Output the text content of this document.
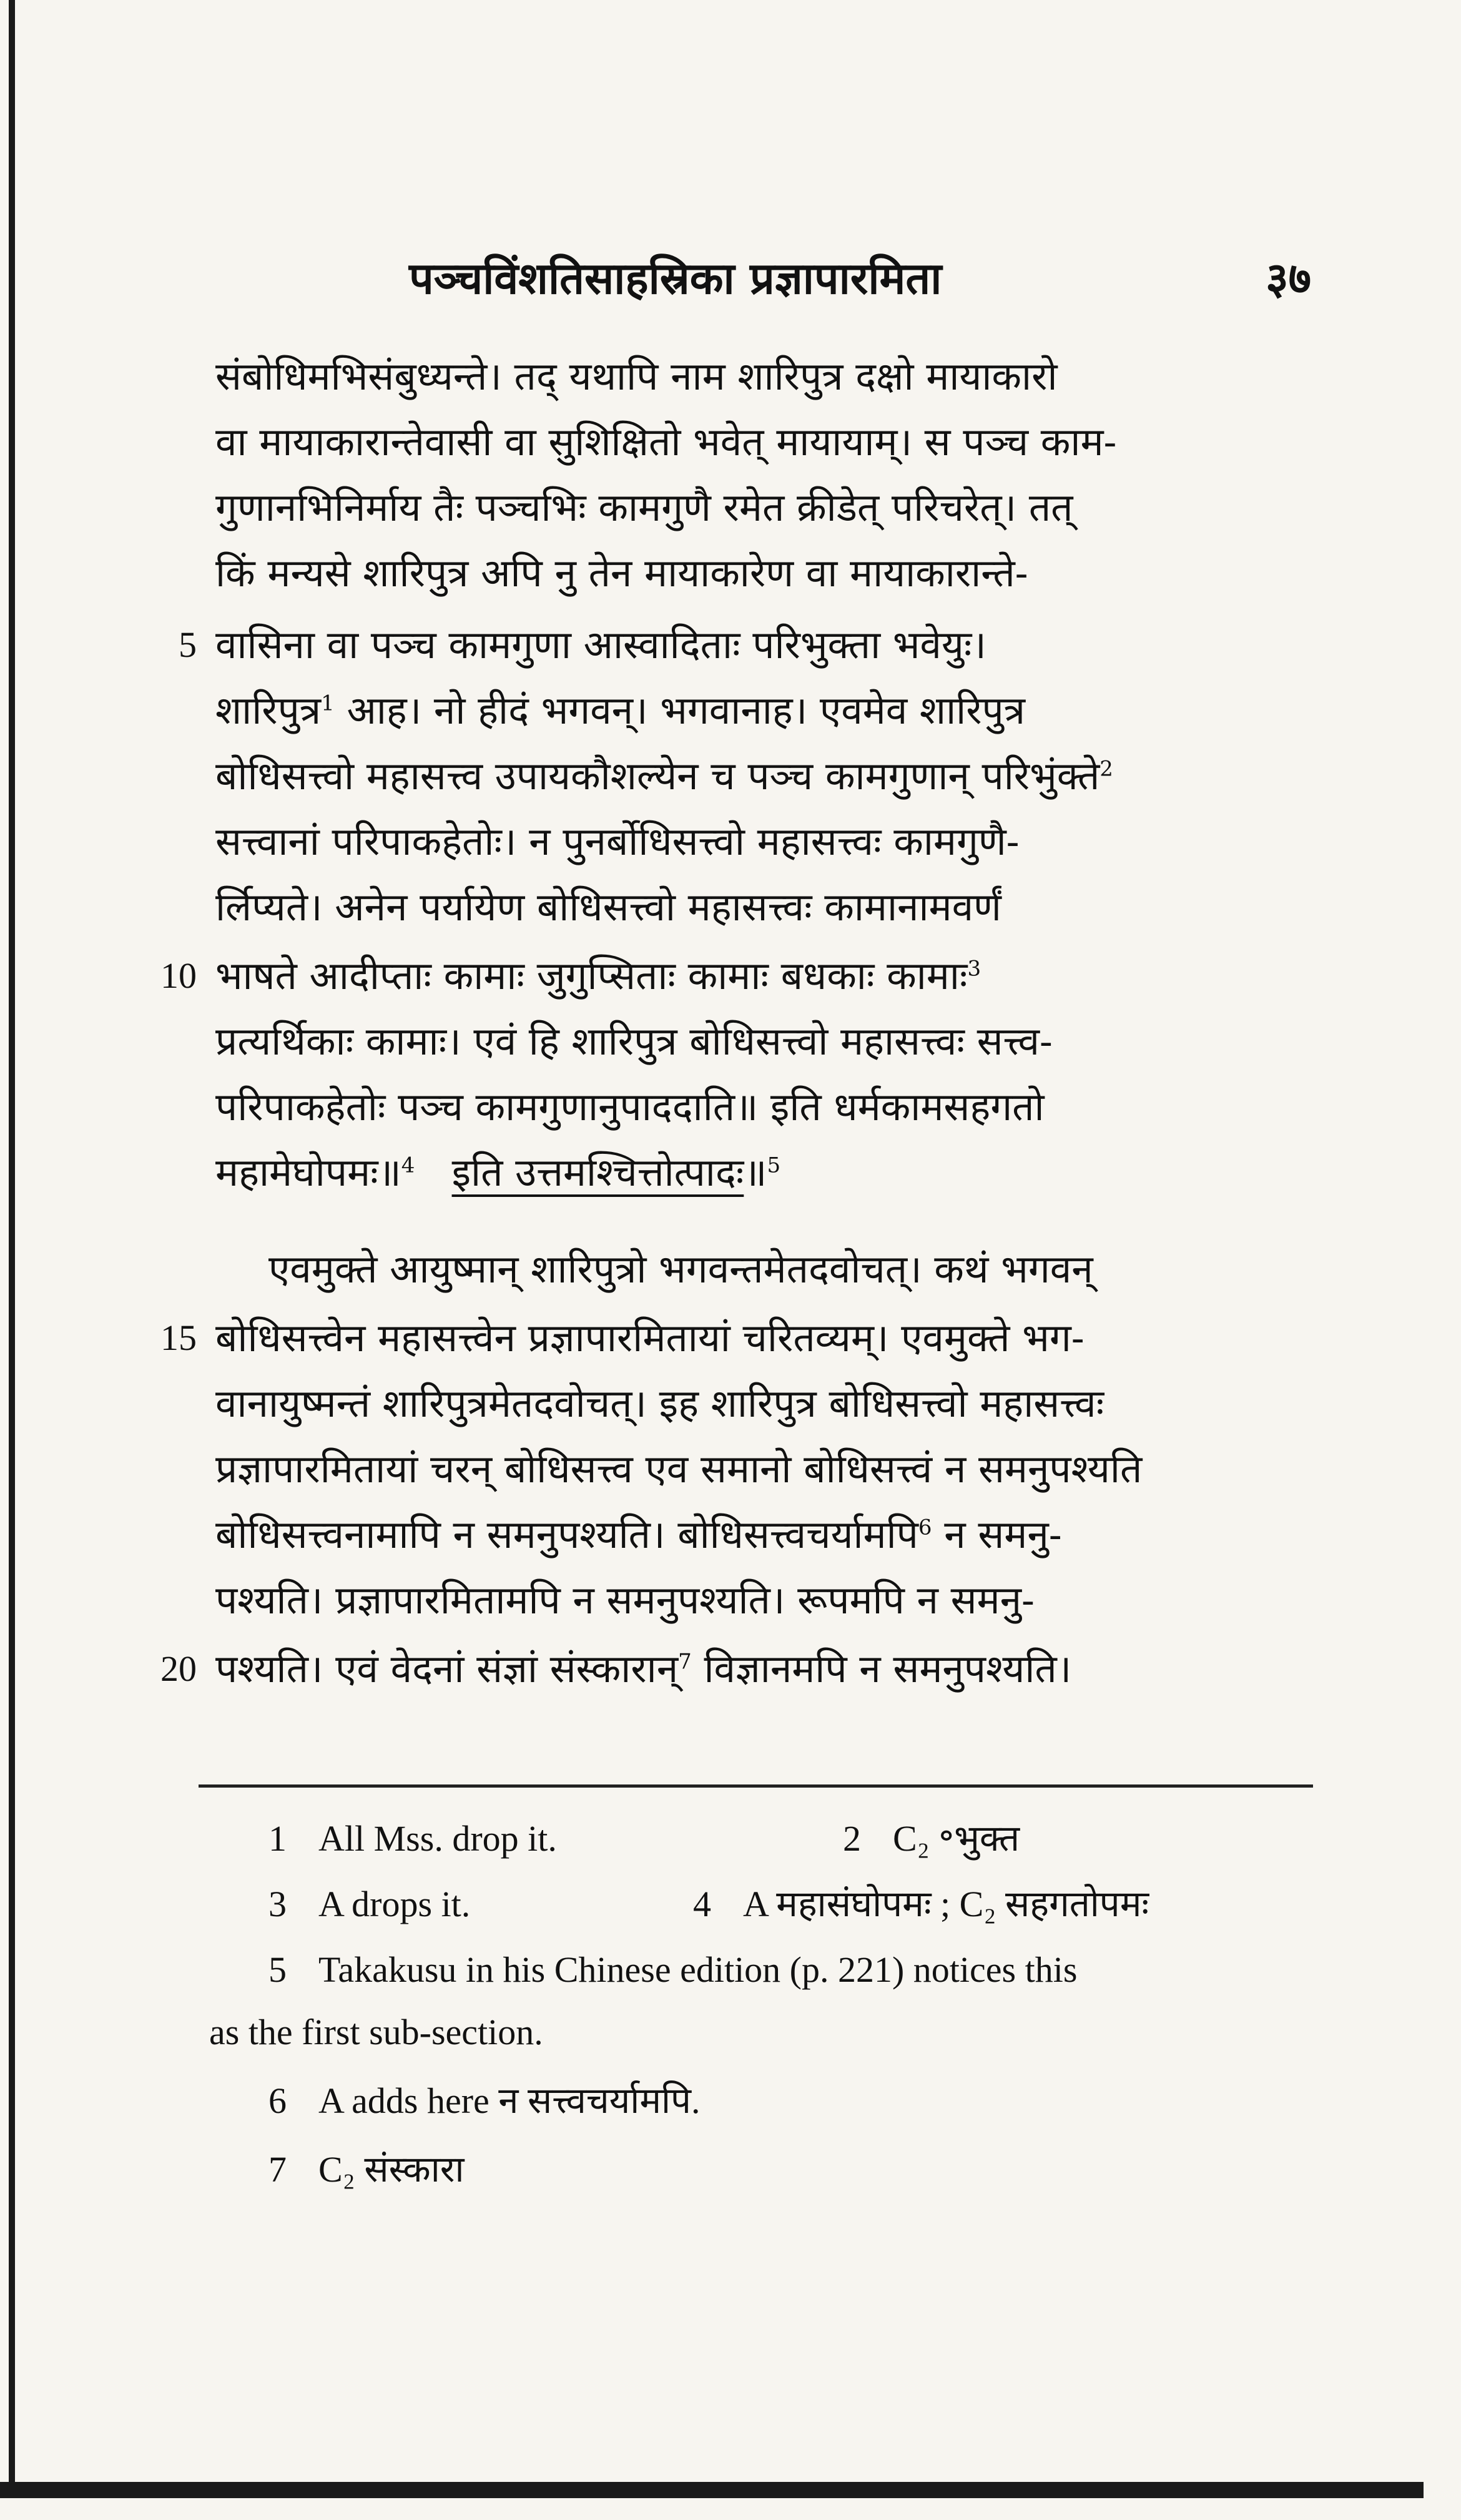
पञ्चविंशतिसाहस्रिका प्रज्ञापारमिता	३७
संबोधिमभिसंबुध्यन्ते। तद्‌ यथापि नाम शारिपुत्र दक्षो मायाकारो
वा मायाकारान्तेवासी वा सुशिक्षितो भवेत्‌ मायायाम्‌। स पञ्च काम-
गुणानभिनिर्माय तैः पञ्चभिः कामगुणै रमेत क्रीडेत्‌ परिचरेत्‌। तत्‌
किं मन्यसे शारिपुत्र अपि नु तेन मायाकारेण वा मायाकारान्ते-
5 वासिना वा पञ्च कामगुणा आस्वादिताः परिभुक्ता भवेयुः।
शारिपुत्र$^1$ आह। नो हीदं भगवन्‌। भगवानाह। एवमेव शारिपुत्र
बोधिसत्त्वो महासत्त्व उपायकौशल्येन च पञ्च कामगुणान्‌ परिभुंक्ते$^2$
सत्त्वानां परिपाकहेतोः। न पुनर्बोधिसत्त्वो महासत्त्वः कामगुणै-
र्लिप्यते। अनेन पर्यायेण बोधिसत्त्वो महासत्त्वः कामानामवर्णं
10 भाषते आदीप्ताः कामाः जुगुप्सिताः कामाः बधकाः कामाः$^3$
प्रत्यर्थिकाः कामाः। एवं हि शारिपुत्र बोधिसत्त्वो महासत्त्वः सत्त्व-
परिपाकहेतोः पञ्च कामगुणानुपाददाति॥ इति धर्मकामसहगतो
महामेघोपमः॥$^4$ इति उत्तमश्चित्तोत्पादः॥$^5$
एवमुक्ते आयुष्मान्‌ शारिपुत्रो भगवन्तमेतदवोचत्‌। कथं भगवन्‌
15 बोधिसत्त्वेन महासत्त्वेन प्रज्ञापारमितायां चरितव्यम्‌। एवमुक्ते भग-
वानायुष्मन्तं शारिपुत्रमेतदवोचत्‌। इह शारिपुत्र बोधिसत्त्वो महासत्त्वः
प्रज्ञापारमितायां चरन्‌ बोधिसत्त्व एव समानो बोधिसत्त्वं न समनुपश्यति
बोधिसत्त्वनामापि न समनुपश्यति। बोधिसत्त्वचर्यामपि$^6$ न समनु-
पश्यति। प्रज्ञापारमितामपि न समनुपश्यति। रूपमपि न समनु-
20 पश्यति। एवं वेदनां संज्ञां संस्कारान्‌$^7$ विज्ञानमपि न समनुपश्यति।
1 All Mss. drop it.	2 C₂ ॰भुक्त
3 A drops it.	4 A महासंघोपमः ; C₂ सहगतोपमः
5 Takakusu in his Chinese edition (p. 221) notices this
as the first sub-section.
6 A adds here न सत्त्वचर्यामपि.
7 C₂ संस्कारा
